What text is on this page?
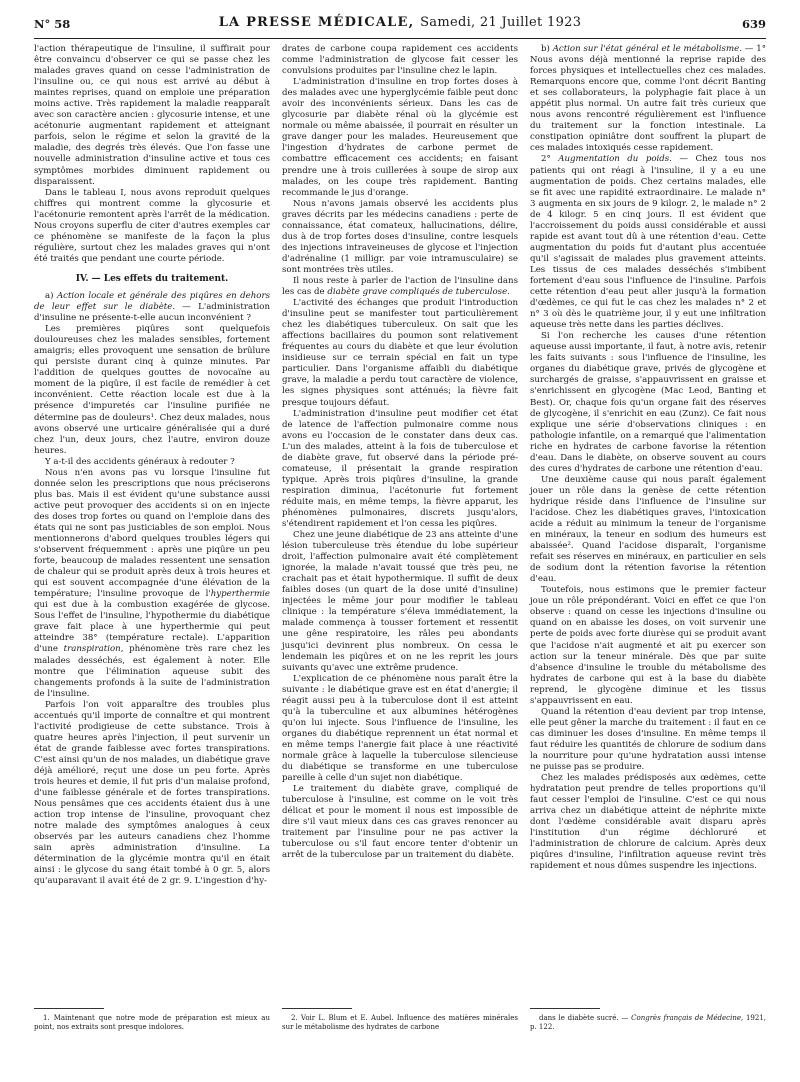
N° 58	LA PRESSE MÉDICALE, Samedi, 21 Juillet 1923	639

l'action thérapeutique de l'insuline, il suffirait pour être convaincu d'observer ce qui se passe chez les malades graves quand on cesse l'administration de l'insuline ou, ce qui nous est arrivé au début à maintes reprises, quand on emploie une préparation moins active. Très rapidement la maladie reapparaît avec son caractère ancien : glycosurie intense, et une acétonurie augmentant rapidement et atteignant parfois, selon le régime et selon la gravité de la maladie, des degrés très élevés. Que l'on fasse une nouvelle administration d'insuline active et tous ces symptômes morbides diminuent rapidement ou disparaissent.

Dans le tableau I, nous avons reproduit quelques chiffres qui montrent comme la glycosurie et l'acétonurie remontent après l'arrêt de la médication. Nous croyons superflu de citer d'autres exemples car ce phénomène se manifeste de la façon la plus régulière, surtout chez les malades graves qui n'ont été traités que pendant une courte période.

IV. — Les effets du traitement.

a) Action locale et générale des piqûres en dehors de leur effet sur le diabète. — L'administration d'insuline ne présente-t-elle aucun inconvénient ?

Les premières piqûres sont quelquefois douloureuses chez les malades sensibles, fortement amaigris; elles provoquent une sensation de brûlure qui persiste durant cinq à quinze minutes. Par l'addition de quelques gouttes de novocaïne au moment de la piqûre, il est facile de remédier à cet inconvénient. Cette réaction locale est due à la présence d'impuretés car l'insuline purifiée ne détermine pas de douleurs¹. Chez deux malades, nous avons observé une urticaire généralisée qui a duré chez l'un, deux jours, chez l'autre, environ douze heures.

Y a-t-il des accidents généraux à redouter ?

Nous n'en avons pas vu lorsque l'insuline fut donnée selon les prescriptions que nous préciserons plus bas. Mais il est évident qu'une substance aussi active peut provoquer des accidents si on en injecte des doses trop fortes ou quand on l'emploie dans des états qui ne sont pas justiciables de son emploi. Nous mentionnerons d'abord quelques troubles légers qui s'observent fréquemment : après une piqûre un peu forte, beaucoup de malades ressentent une sensation de chaleur qui se produit après deux à trois heures et qui est souvent accompagnée d'une élévation de la température; l'insuline provoque de l'hyperthermie qui est due à la combustion exagérée de glycose. Sous l'effet de l'insuline, l'hypothermie du diabétique grave fait place à une hyperthermie qui peut atteindre 38° (température rectale). L'apparition d'une transpiration, phénomène très rare chez les malades desséchés, est également à noter. Elle montre que l'élimination aqueuse subit des changements profonds à la suite de l'administration de l'insuline.

Parfois l'on voit apparaître des troubles plus accentués qu'il importe de connaître et qui montrent l'activité prodigieuse de cette substance. Trois à quatre heures après l'injection, il peut survenir un état de grande faiblesse avec fortes transpirations. C'est ainsi qu'un de nos malades, un diabétique grave déjà amélioré, reçut une dose un peu forte. Après trois heures et demie, il fut pris d'un malaise profond, d'une faiblesse générale et de fortes transpirations. Nous pensâmes que ces accidents étaient dus à une action trop intense de l'insuline, provoquant chez notre malade des symptômes analogues à ceux observés par les auteurs canadiens chez l'homme sain après administration d'insuline. La détermination de la glycémie montra qu'il en était ainsi : le glycose du sang était tombé à 0 gr. 5, alors qu'auparavant il avait été de 2 gr. 9. L'ingestion d'hy-

drates de carbone coupa rapidement ces accidents comme l'administration de glycose fait cesser les convulsions produites par l'insuline chez le lapin.

L'administration d'insuline en trop fortes doses à des malades avec une hyperglycémie faible peut donc avoir des inconvénients sérieux. Dans les cas de glycosurie par diabète rénal où la glycémie est normale ou même abaissée, il pourrait en résulter un grave danger pour les malades. Heureusement que l'ingestion d'hydrates de carbone permet de combattre efficacement ces accidents; en faisant prendre une à trois cuillerées à soupe de sirop aux malades, on les coupe très rapidement. Banting recommande le jus d'orange.

Nous n'avons jamais observé les accidents plus graves décrits par les médecins canadiens : perte de connaissance, état comateux, hallucinations, délire, dus à de trop fortes doses d'insuline, contre lesquels des injections intraveineuses de glycose et l'injection d'adrénaline (1 milligr. par voie intramusculaire) se sont montrées très utiles.

Il nous reste à parler de l'action de l'insuline dans les cas de diabète grave compliqués de tuberculose.

L'activité des échanges que produit l'introduction d'insuline peut se manifester tout particulièrement chez les diabétiques tuberculeux. On sait que les affections bacillaires du poumon sont relativement fréquentes au cours du diabète et que leur évolution insidieuse sur ce terrain spécial en fait un type particulier. Dans l'organisme affaibli du diabétique grave, la maladie a perdu tout caractère de violence, les signes physiques sont atténués; la fièvre fait presque toujours défaut.

L'administration d'insuline peut modifier cet état de latence de l'affection pulmonaire comme nous avons eu l'occasion de le constater dans deux cas. L'un des malades, atteint à la fois de tuberculose et de diabète grave, fut observé dans la période pré-comateuse, il présentait la grande respiration typique. Après trois piqûres d'insuline, la grande respiration diminua, l'acétonurie fut fortement réduite mais, en même temps, la fièvre apparut, les phénomènes pulmonaires, discrets jusqu'alors, s'étendirent rapidement et l'on cessa les piqûres.

Chez une jeune diabétique de 23 ans atteinte d'une lésion tuberculeuse très étendue du lobe supérieur droit, l'affection pulmonaire avait été complètement ignorée, la malade n'avait toussé que très peu, ne crachait pas et était hypothermique. Il suffit de deux faibles doses (un quart de la dose unité d'insuline) injectées le même jour pour modifier le tableau clinique : la température s'éleva immédiatement, la malade commença à tousser fortement et ressentit une gêne respiratoire, les râles peu abondants jusqu'ici devinrent plus nombreux. On cessa le lendemain les piqûres et on ne les reprit les jours suivants qu'avec une extrême prudence.

L'explication de ce phénomène nous paraît être la suivante : le diabétique grave est en état d'anergie; il réagit aussi peu à la tuberculose dont il est atteint qu'à la tuberculine et aux albumines hétérogènes qu'on lui injecte. Sous l'influence de l'insuline, les organes du diabétique reprennent un état normal et en même temps l'anergie fait place à une réactivité normale grâce à laquelle la tuberculose silencieuse du diabétique se transforme en une tuberculose pareille à celle d'un sujet non diabétique.

Le traitement du diabète grave, compliqué de tuberculose à l'insuline, est comme on le voit très délicat et pour le moment il nous est impossible de dire s'il vaut mieux dans ces cas graves renoncer au traitement par l'insuline pour ne pas activer la tuberculose ou s'il faut encore tenter d'obtenir un arrêt de la tuberculose par un traitement du diabète.

b) Action sur l'état général et le métabolisme. — 1° Nous avons déjà mentionné la reprise rapide des forces physiques et intellectuelles chez ces malades. Remarquons encore que, comme l'ont décrit Banting et ses collaborateurs, la polyphagie fait place à un appétit plus normal. Un autre fait très curieux que nous avons rencontré régulièrement est l'influence du traitement sur la fonction intestinale. La constipation opiniâtre dont souffrent la plupart de ces malades intoxiqués cesse rapidement.

2° Augmentation du poids. — Chez tous nos patients qui ont réagi à l'insuline, il y a eu une augmentation de poids. Chez certains malades, elle se fit avec une rapidité extraordinaire. Le malade n° 3 augmenta en six jours de 9 kilogr. 2, le malade n° 2 de 4 kilogr. 5 en cinq jours. Il est évident que l'accroissement du poids aussi considérable et aussi rapide est avant tout dû à une rétention d'eau. Cette augmentation du poids fut d'autant plus accentuée qu'il s'agissait de malades plus gravement atteints. Les tissus de ces malades desséchés s'imbibent fortement d'eau sous l'influence de l'insuline. Parfois cette rétention d'eau peut aller jusqu'à la formation d'œdèmes, ce qui fut le cas chez les malades n° 2 et n° 3 où dès le quatrième jour, il y eut une infiltration aqueuse très nette dans les parties déclives.

Si l'on recherche les causes d'une rétention aqueuse aussi importante, il faut, à notre avis, retenir les faits suivants : sous l'influence de l'insuline, les organes du diabétique grave, privés de glycogène et surchargés de graisse, s'appauvrissent en graisse et s'enrichissent en glycogène (Mac Leod, Banting et Best). Or, chaque fois qu'un organe fait des réserves de glycogène, il s'enrichit en eau (Zunz). Ce fait nous explique une série d'observations cliniques : en pathologie infantile, on a remarqué que l'alimentation riche en hydrates de carbone favorise la rétention d'eau. Dans le diabète, on observe souvent au cours des cures d'hydrates de carbone une rétention d'eau.

Une deuxième cause qui nous paraît également jouer un rôle dans la genèse de cette rétention hydrique réside dans l'influence de l'insuline sur l'acidose. Chez les diabétiques graves, l'intoxication acide a réduit au minimum la teneur de l'organisme en minéraux, la teneur en sodium des humeurs est abaissée². Quand l'acidose disparaît, l'organisme refait ses réserves en minéraux, en particulier en sels de sodium dont la rétention favorise la rétention d'eau.

Toutefois, nous estimons que le premier facteur joue un rôle prépondérant. Voici en effet ce que l'on observe : quand on cesse les injections d'insuline ou quand on en abaisse les doses, on voit survenir une perte de poids avec forte diurèse qui se produit avant que l'acidose n'ait augmenté et ait pu exercer son action sur la teneur minérale. Dès que par suite d'absence d'insuline le trouble du métabolisme des hydrates de carbone qui est à la base du diabète reprend, le glycogène diminue et les tissus s'appauvrissent en eau.

Quand la rétention d'eau devient par trop intense, elle peut gêner la marche du traitement : il faut en ce cas diminuer les doses d'insuline. En même temps il faut réduire les quantités de chlorure de sodium dans la nourriture pour qu'une hydratation aussi intense ne puisse pas se produire.

Chez les malades prédisposés aux œdèmes, cette hydratation peut prendre de telles proportions qu'il faut cesser l'emploi de l'insuline. C'est ce qui nous arriva chez un diabétique atteint de néphrite mixte dont l'œdème considérable avait disparu après l'institution d'un régime déchloruré et l'administration de chlorure de calcium. Après deux piqûres d'insuline, l'infiltration aqueuse revint très rapidement et nous dûmes suspendre les injections.

1. Maintenant que notre mode de préparation est mieux au point, nos extraits sont presque indolores.

2. Voir L. Blum et E. Aubel. Influence des matières minérales sur le métabolisme des hydrates de carbone

dans le diabète sucré. — Congrès français de Médecine, 1921, p. 122.
